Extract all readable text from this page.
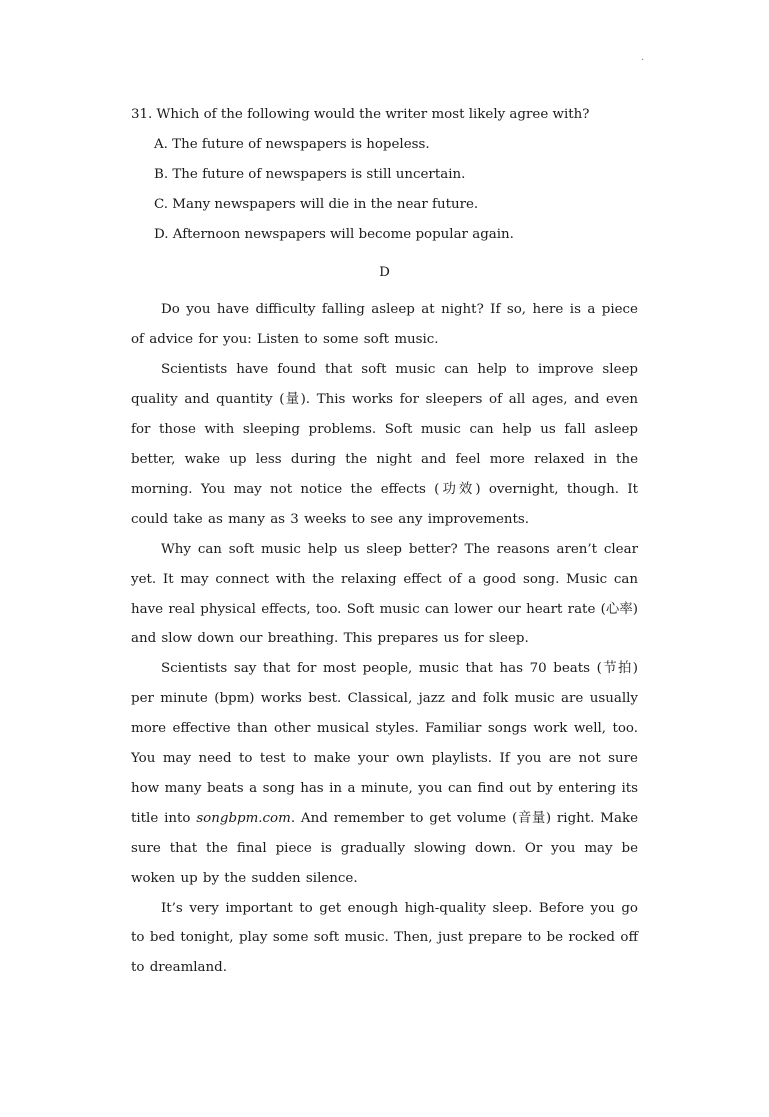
.

31. Which of the following would the writer most likely agree with?

A. The future of newspapers is hopeless.

B. The future of newspapers is still uncertain.

C. Many newspapers will die in the near future.

D. Afternoon newspapers will become popular again.

D

Do you have difficulty falling asleep at night? If so, here is a piece of advice for you: Listen to some soft music.

Scientists have found that soft music can help to improve sleep quality and quantity (量). This works for sleepers of all ages, and even for those with sleeping problems. Soft music can help us fall asleep better, wake up less during the night and feel more relaxed in the morning. You may not notice the effects (功效) overnight, though. It could take as many as 3 weeks to see any improvements.

Why can soft music help us sleep better? The reasons aren’t clear yet. It may connect with the relaxing effect of a good song. Music can have real physical effects, too. Soft music can lower our heart rate (心率) and slow down our breathing. This prepares us for sleep.

Scientists say that for most people, music that has 70 beats (节拍) per minute (bpm) works best. Classical, jazz and folk music are usually more effective than other musical styles. Familiar songs work well, too. You may need to test to make your own playlists. If you are not sure how many beats a song has in a minute, you can find out by entering its title into songbpm.com. And remember to get volume (音量) right. Make sure that the final piece is gradually slowing down. Or you may be woken up by the sudden silence.

It’s very important to get enough high-quality sleep. Before you go to bed tonight, play some soft music. Then, just prepare to be rocked off to dreamland.
